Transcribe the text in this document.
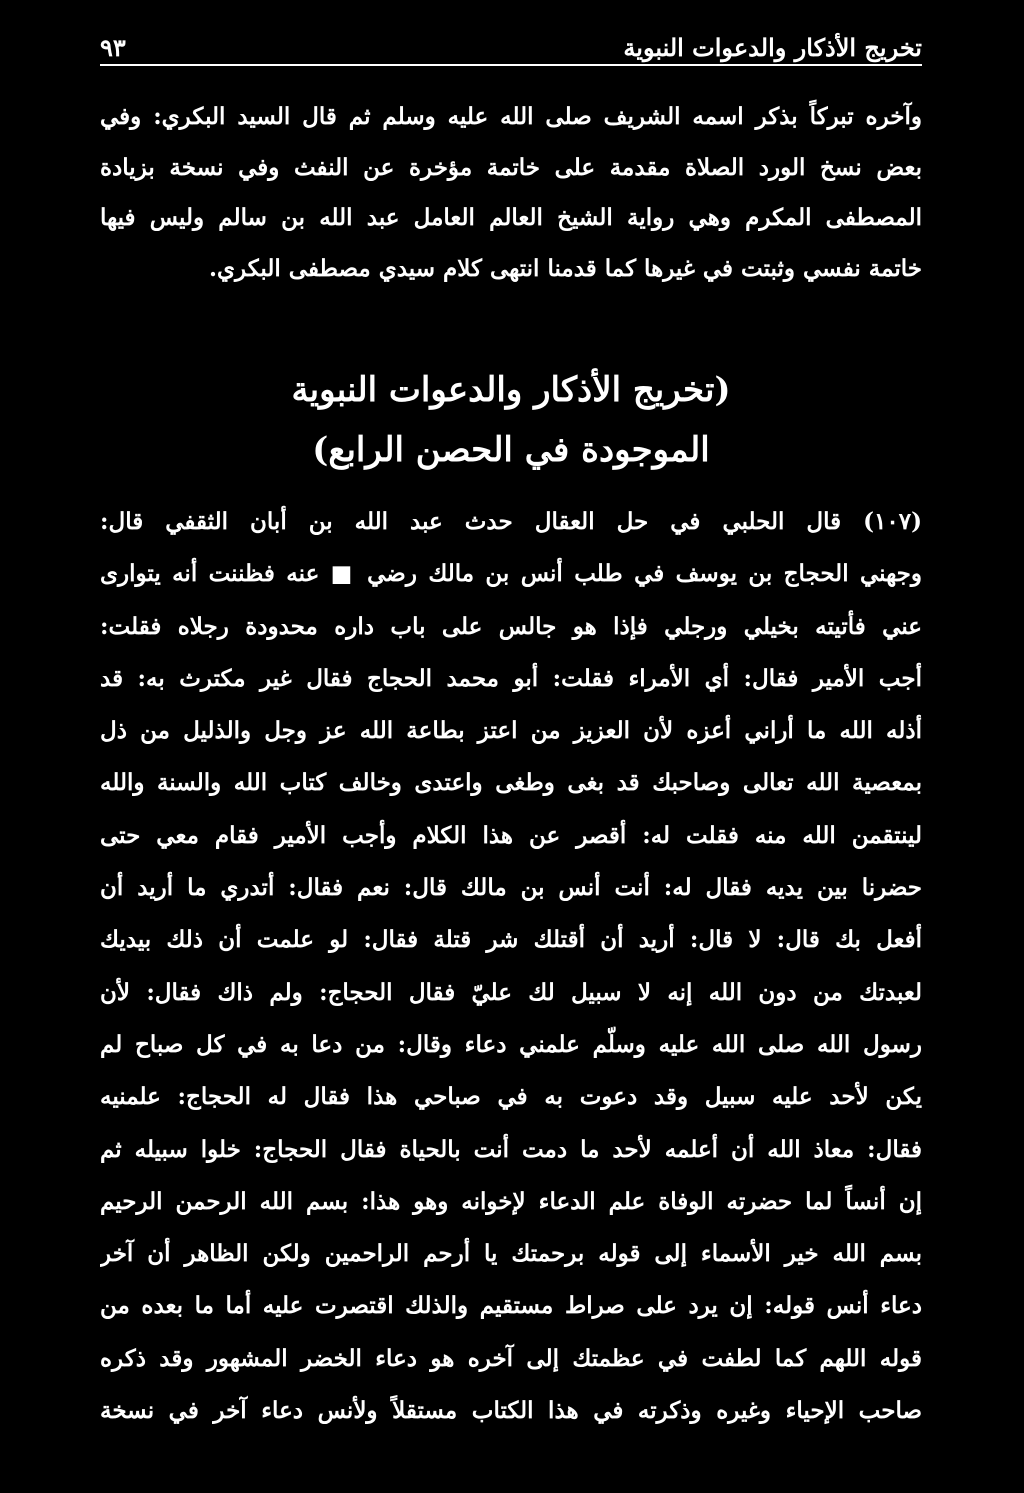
تخريج الأذكار والدعوات النبوية
٩٣
وآخره تبركاً بذكر اسمه الشريف صلى الله عليه وسلم ثم قال السيد البكري: وفي
بعض نسخ الورد الصلاة مقدمة على خاتمة مؤخرة عن النفث وفي نسخة بزيادة
المصطفى المكرم وهي رواية الشيخ العالم العامل عبد الله بن سالم وليس فيها
خاتمة نفسي وثبتت في غيرها كما قدمنا انتهى كلام سيدي مصطفى البكري.
(تخريج الأذكار والدعوات النبوية
الموجودة في الحصن الرابع)
(١٠٧) قال الحلبي في حل العقال حدث عبد الله بن أبان الثقفي قال:
وجهني الحجاج بن يوسف في طلب أنس بن مالك رضي ■ عنه فظننت أنه يتوارى
عني فأتيته بخيلي ورجلي فإذا هو جالس على باب داره محدودة رجلاه فقلت:
أجب الأمير فقال: أي الأمراء فقلت: أبو محمد الحجاج فقال غير مكترث به: قد
أذله الله ما أراني أعزه لأن العزيز من اعتز بطاعة الله عز وجل والذليل من ذل
بمعصية الله تعالى وصاحبك قد بغى وطغى واعتدى وخالف كتاب الله والسنة والله
لينتقمن الله منه فقلت له: أقصر عن هذا الكلام وأجب الأمير فقام معي حتى
حضرنا بين يديه فقال له: أنت أنس بن مالك قال: نعم فقال: أتدري ما أريد أن
أفعل بك قال: لا قال: أريد أن أقتلك شر قتلة فقال: لو علمت أن ذلك بيديك
لعبدتك من دون الله إنه لا سبيل لك عليّ فقال الحجاج: ولم ذاك فقال: لأن
رسول الله صلى الله عليه وسلّم علمني دعاء وقال: من دعا به في كل صباح لم
يكن لأحد عليه سبيل وقد دعوت به في صباحي هذا فقال له الحجاج: علمنيه
فقال: معاذ الله أن أعلمه لأحد ما دمت أنت بالحياة فقال الحجاج: خلوا سبيله ثم
إن أنساً لما حضرته الوفاة علم الدعاء لإخوانه وهو هذا: بسم الله الرحمن الرحيم
بسم الله خير الأسماء إلى قوله برحمتك يا أرحم الراحمين ولكن الظاهر أن آخر
دعاء أنس قوله: إن يرد على صراط مستقيم والذلك اقتصرت عليه أما ما بعده من
قوله اللهم كما لطفت في عظمتك إلى آخره هو دعاء الخضر المشهور وقد ذكره
صاحب الإحياء وغيره وذكرته في هذا الكتاب مستقلاً ولأنس دعاء آخر في نسخة
